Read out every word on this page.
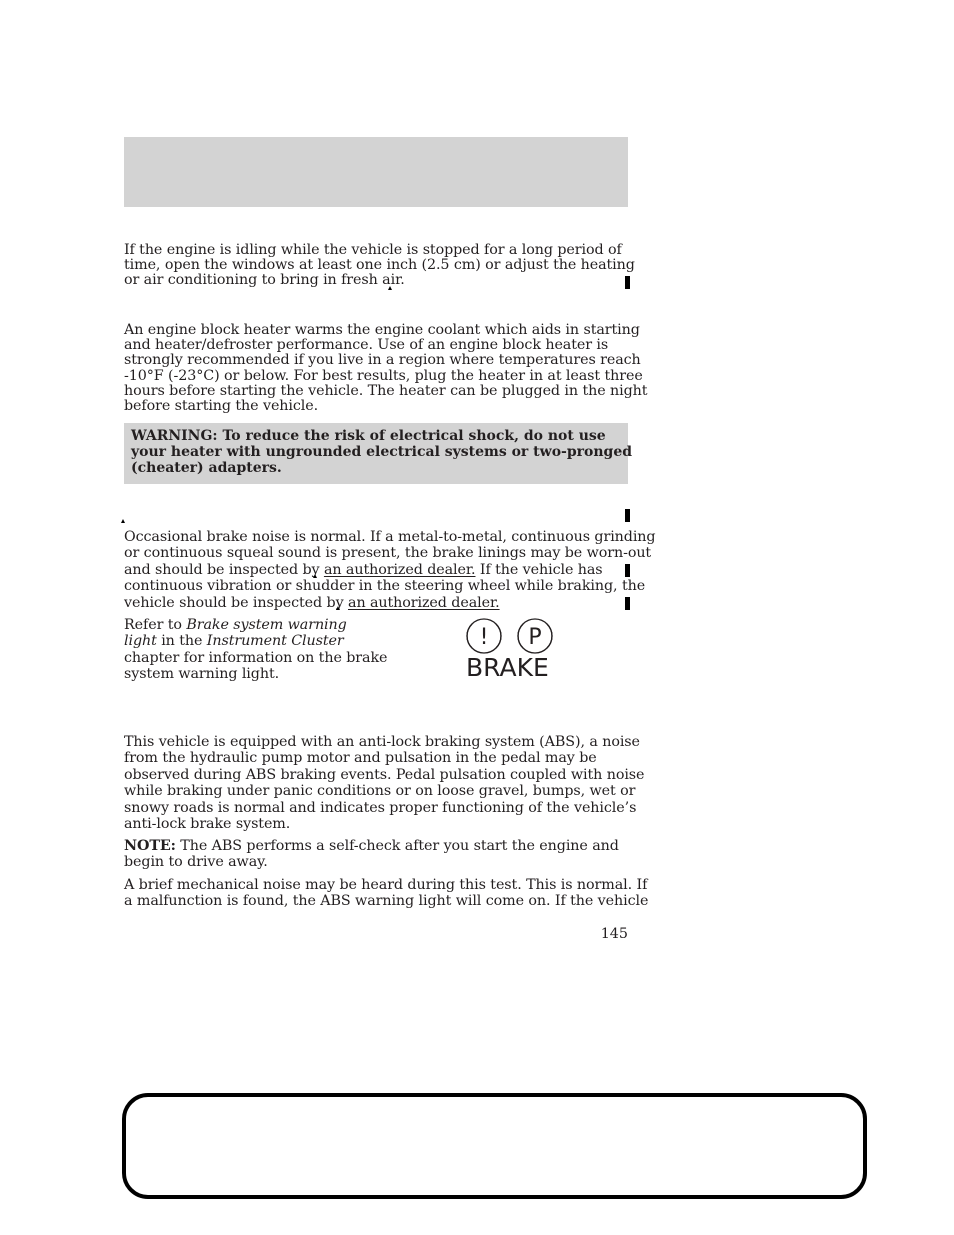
If the engine is idling while the vehicle is stopped for a long period of
time, open the windows at least one inch (2.5 cm) or adjust the heating
or air conditioning to bring in fresh air.

An engine block heater warms the engine coolant which aids in starting
and heater/defroster performance. Use of an engine block heater is
strongly recommended if you live in a region where temperatures reach
-10°F (-23°C) or below. For best results, plug the heater in at least three
hours before starting the vehicle. The heater can be plugged in the night
before starting the vehicle.

WARNING: To reduce the risk of electrical shock, do not use
your heater with ungrounded electrical systems or two-pronged
(cheater) adapters.

Occasional brake noise is normal. If a metal-to-metal, continuous grinding
or continuous squeal sound is present, the brake linings may be worn-out
and should be inspected by an authorized dealer. If the vehicle has
continuous vibration or shudder in the steering wheel while braking, the
vehicle should be inspected by an authorized dealer.

Refer to Brake system warning
light in the Instrument Cluster
chapter for information on the brake
system warning light.

! P
BRAKE

This vehicle is equipped with an anti-lock braking system (ABS), a noise
from the hydraulic pump motor and pulsation in the pedal may be
observed during ABS braking events. Pedal pulsation coupled with noise
while braking under panic conditions or on loose gravel, bumps, wet or
snowy roads is normal and indicates proper functioning of the vehicle’s
anti-lock brake system.

NOTE: The ABS performs a self-check after you start the engine and
begin to drive away.

A brief mechanical noise may be heard during this test. This is normal. If
a malfunction is found, the ABS warning light will come on. If the vehicle

145
